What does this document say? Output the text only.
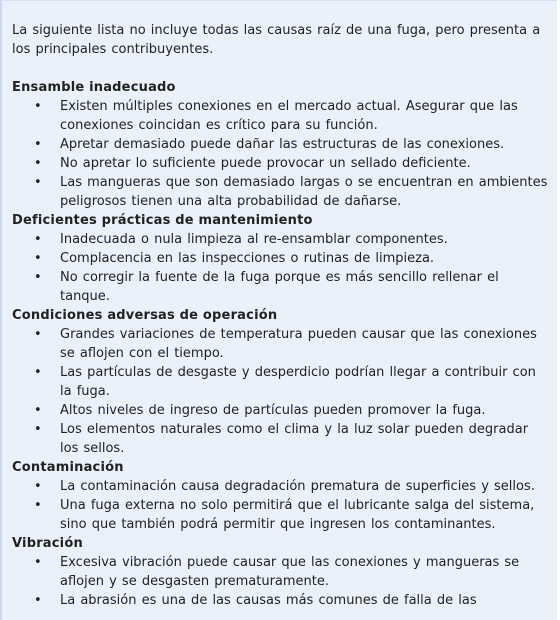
La siguiente lista no incluye todas las causas raíz de una fuga, pero presenta a los principales contribuyentes.

Ensamble inadecuado
• Existen múltiples conexiones en el mercado actual. Asegurar que las conexiones coincidan es crítico para su función.
• Apretar demasiado puede dañar las estructuras de las conexiones.
• No apretar lo suficiente puede provocar un sellado deficiente.
• Las mangueras que son demasiado largas o se encuentran en ambientes peligrosos tienen una alta probabilidad de dañarse.
Deficientes prácticas de mantenimiento
• Inadecuada o nula limpieza al re-ensamblar componentes.
• Complacencia en las inspecciones o rutinas de limpieza.
• No corregir la fuente de la fuga porque es más sencillo rellenar el tanque.
Condiciones adversas de operación
• Grandes variaciones de temperatura pueden causar que las conexiones se aflojen con el tiempo.
• Las partículas de desgaste y desperdicio podrían llegar a contribuir con la fuga.
• Altos niveles de ingreso de partículas pueden promover la fuga.
• Los elementos naturales como el clima y la luz solar pueden degradar los sellos.
Contaminación
• La contaminación causa degradación prematura de superficies y sellos.
• Una fuga externa no solo permitirá que el lubricante salga del sistema, sino que también podrá permitir que ingresen los contaminantes.
Vibración
• Excesiva vibración puede causar que las conexiones y mangueras se aflojen y se desgasten prematuramente.
• La abrasión es una de las causas más comunes de falla de las
